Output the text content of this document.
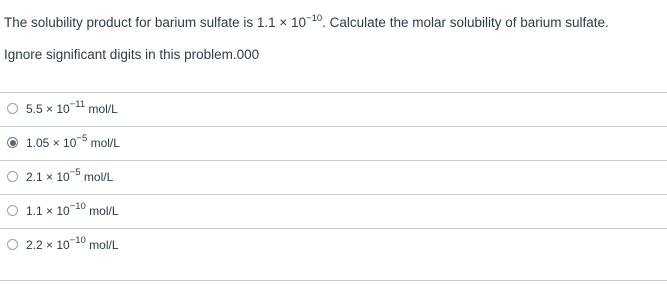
The solubility product for barium sulfate is $1.1 \times 10^{-10}$. Calculate the molar solubility of barium sulfate.
Ignore significant digits in this problem.000
$5.5 \times 10^{-11}$ mol/L
$1.05 \times 10^{-5}$ mol/L
$2.1 \times 10^{-5}$ mol/L
$1.1 \times 10^{-10}$ mol/L
$2.2 \times 10^{-10}$ mol/L
